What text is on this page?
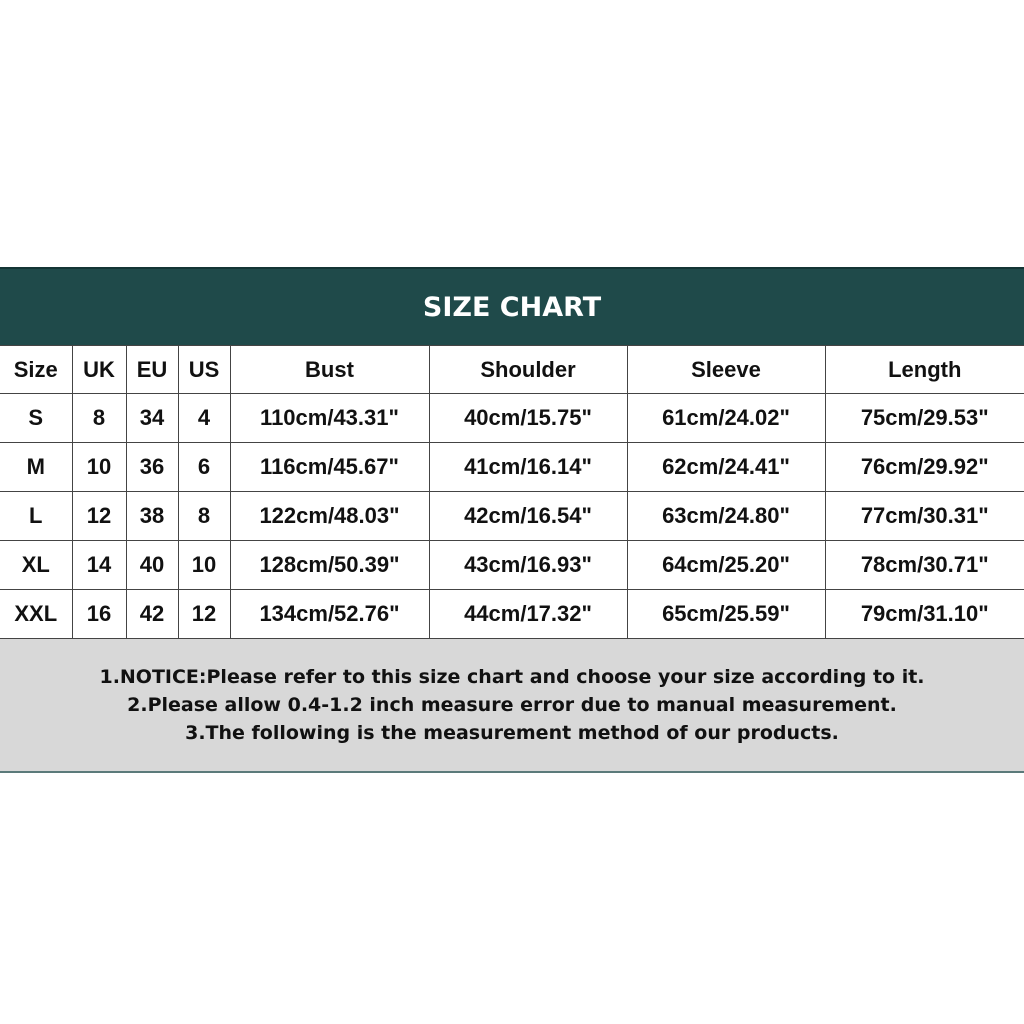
SIZE CHART
Size	UK	EU	US	Bust	Shoulder	Sleeve	Length
S	8	34	4	110cm/43.31"	40cm/15.75"	61cm/24.02"	75cm/29.53"
M	10	36	6	116cm/45.67"	41cm/16.14"	62cm/24.41"	76cm/29.92"
L	12	38	8	122cm/48.03"	42cm/16.54"	63cm/24.80"	77cm/30.31"
XL	14	40	10	128cm/50.39"	43cm/16.93"	64cm/25.20"	78cm/30.71"
XXL	16	42	12	134cm/52.76"	44cm/17.32"	65cm/25.59"	79cm/31.10"
1.NOTICE:Please refer to this size chart and choose your size according to it.
2.Please allow 0.4-1.2 inch measure error due to manual measurement.
3.The following is the measurement method of our products.
